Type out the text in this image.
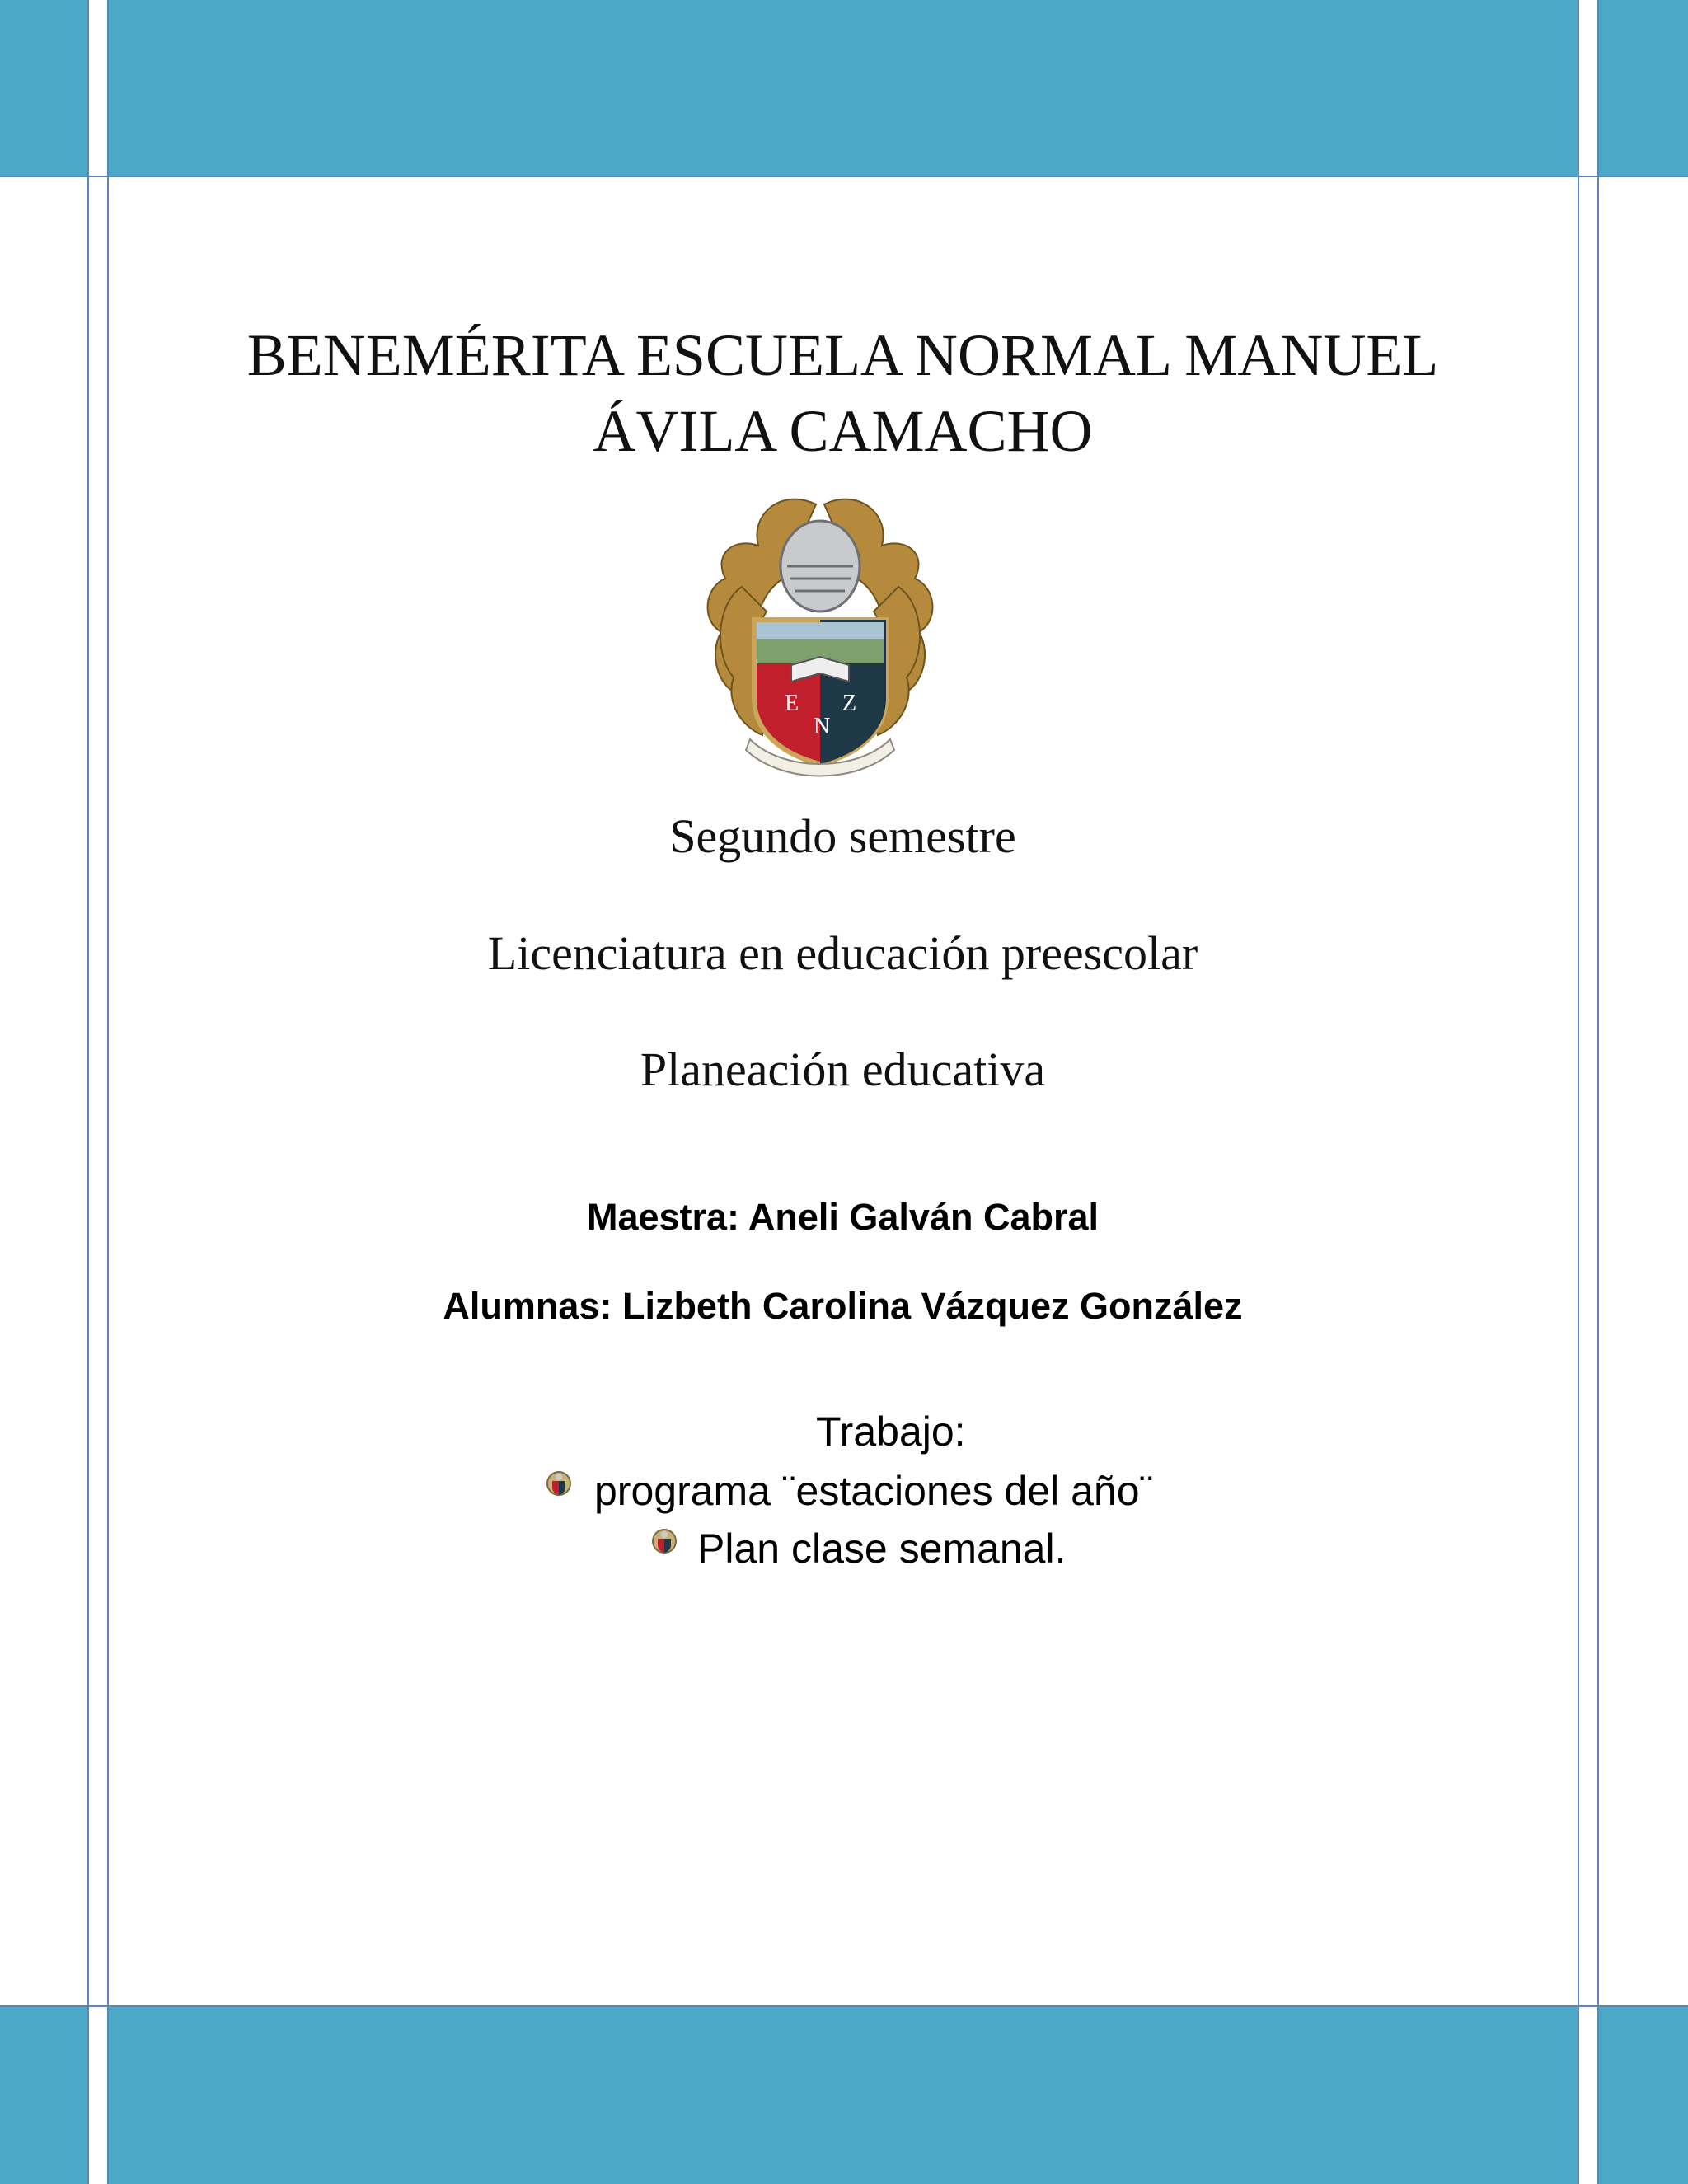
BENEMÉRITA ESCUELA NORMAL MANUEL
ÁVILA CAMACHO
E
N
Z

Segundo semestre

Licenciatura en educación preescolar

Planeación educativa

Maestra: Aneli Galván Cabral

Alumnas: Lizbeth Carolina Vázquez González

Trabajo:

programa ¨estaciones del año¨

Plan clase semanal.
